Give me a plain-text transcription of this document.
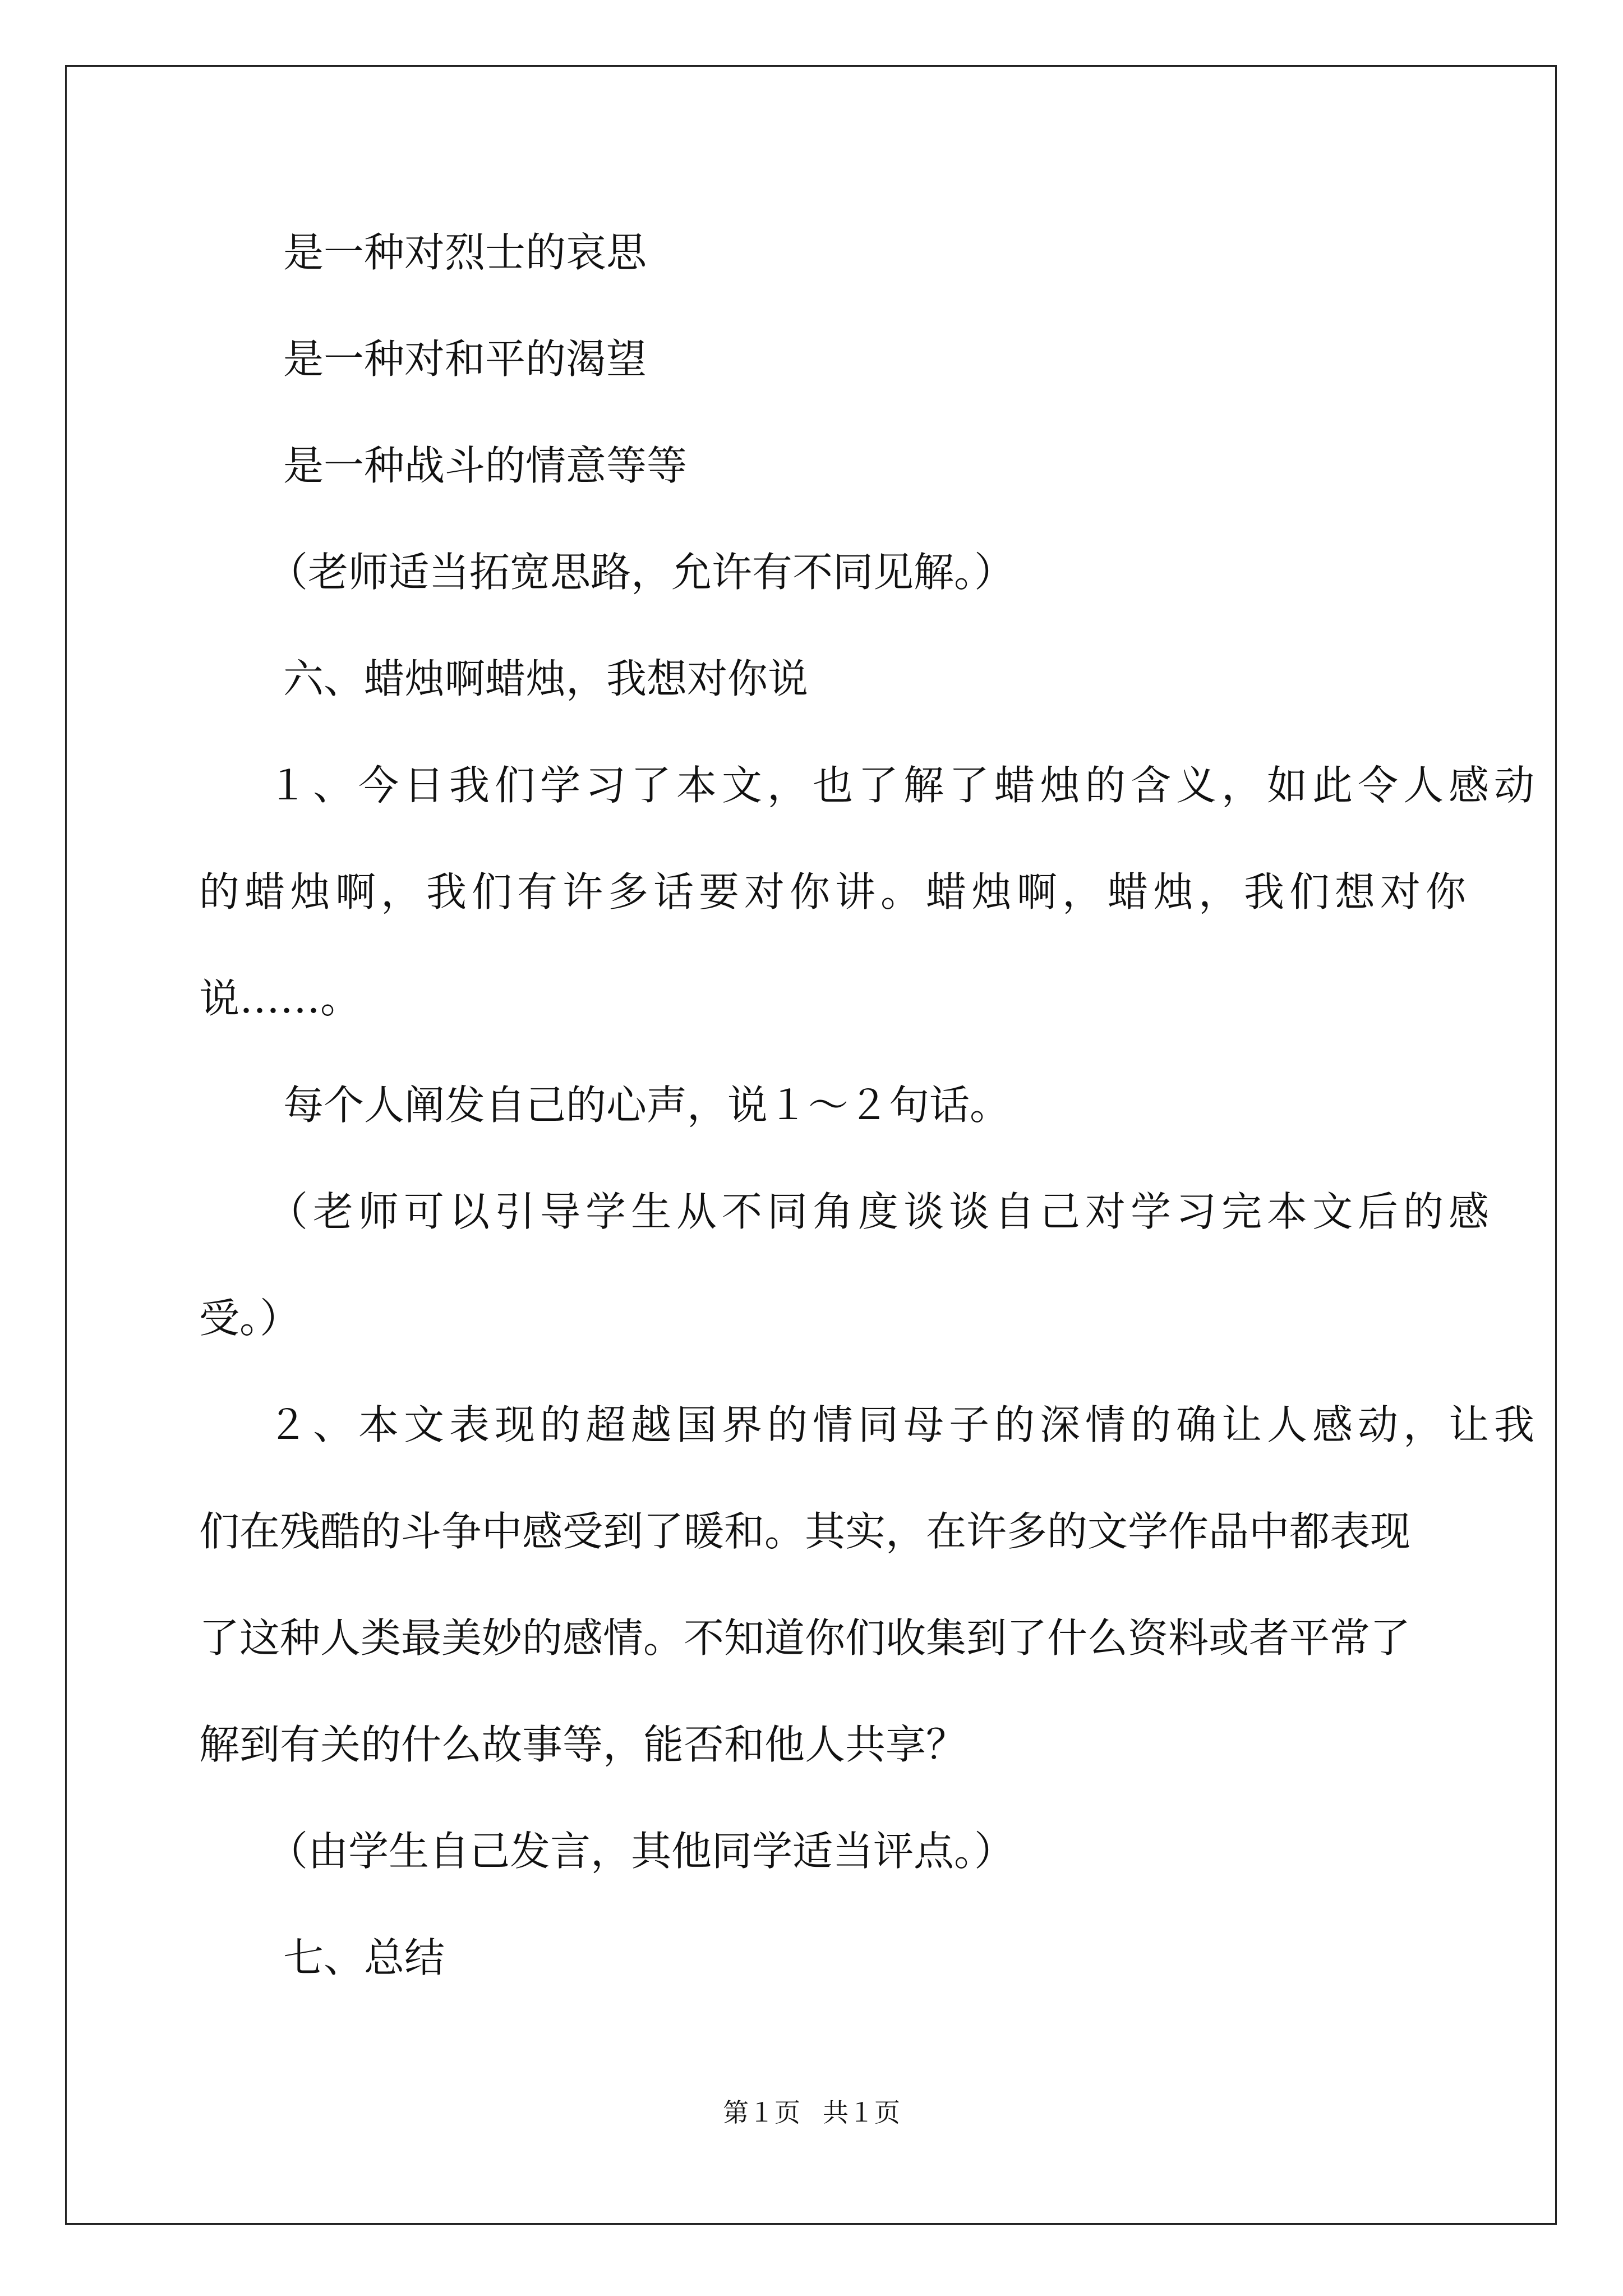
是一种对烈士的哀思
是一种对和平的渴望
是一种战斗的情意等等
（老师适当拓宽思路，允许有不同见解。）
六、蜡烛啊蜡烛，我想对你说
１、今日我们学习了本文，也了解了蜡烛的含义，如此令人感动
的蜡烛啊，我们有许多话要对你讲。蜡烛啊，蜡烛，我们想对你
说……。
每个人阐发自己的心声，说１～２句话。
（老师可以引导学生从不同角度谈谈自己对学习完本文后的感
受。）
２、本文表现的超越国界的情同母子的深情的确让人感动，让我
们在残酷的斗争中感受到了暖和。其实，在许多的文学作品中都表现
了这种人类最美妙的感情。不知道你们收集到了什么资料或者平常了
解到有关的什么故事等，能否和他人共享？
（由学生自己发言，其他同学适当评点。）
七、总结
第１页 共１页
